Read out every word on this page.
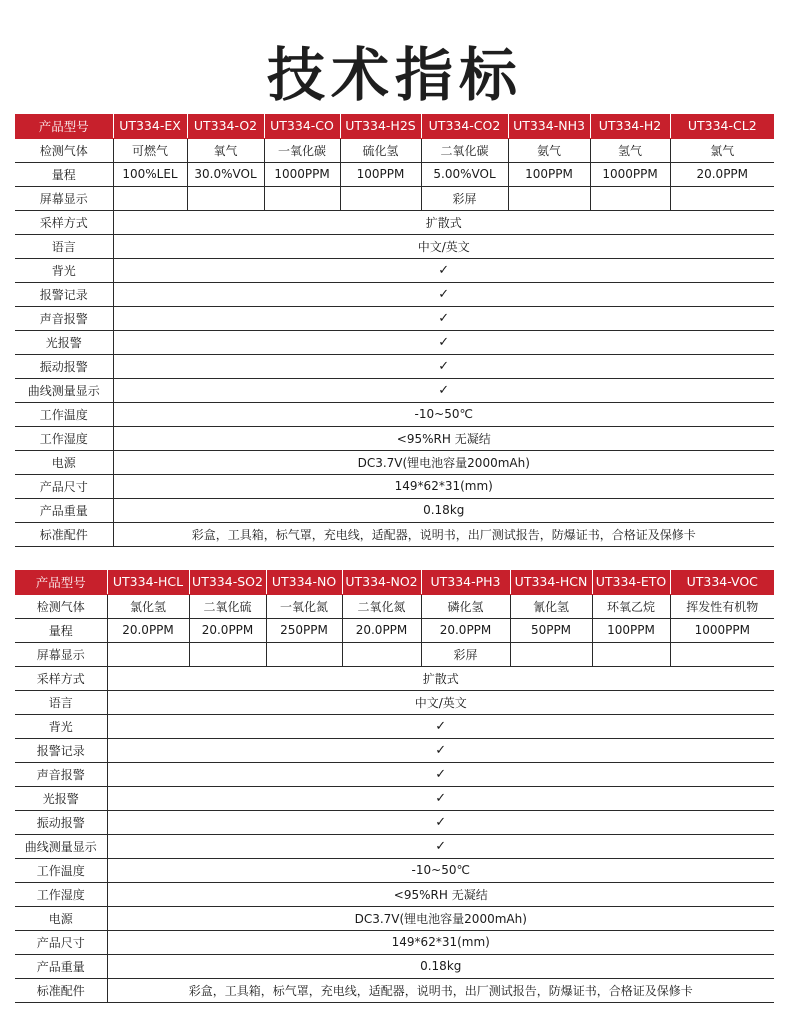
技术指标
产品型号	UT334-EX	UT334-O2	UT334-CO	UT334-H2S	UT334-CO2	UT334-NH3	UT334-H2	UT334-CL2
检测气体	可燃气	氧气	一氧化碳	硫化氢	二氧化碳	氨气	氢气	氯气
量程	100%LEL	30.0%VOL	1000PPM	100PPM	5.00%VOL	100PPM	1000PPM	20.0PPM
屏幕显示					彩屏			
采样方式	扩散式							
语言	中文/英文							
背光	✓							
报警记录	✓							
声音报警	✓							
光报警	✓							
振动报警	✓							
曲线测量显示	✓							
工作温度	-10~50℃							
工作湿度	<95%RH 无凝结							
电源	DC3.7V(锂电池容量2000mAh)							
产品尺寸	149*62*31(mm)							
产品重量	0.18kg							
标准配件	彩盒，工具箱，标气罩，充电线，适配器，说明书，出厂测试报告，防爆证书，合格证及保修卡							
产品型号	UT334-HCL	UT334-SO2	UT334-NO	UT334-NO2	UT334-PH3	UT334-HCN	UT334-ETO	UT334-VOC
检测气体	氯化氢	二氧化硫	一氧化氮	二氧化氮	磷化氢	氰化氢	环氧乙烷	挥发性有机物
量程	20.0PPM	20.0PPM	250PPM	20.0PPM	20.0PPM	50PPM	100PPM	1000PPM
屏幕显示					彩屏			
采样方式	扩散式							
语言	中文/英文							
背光	✓							
报警记录	✓							
声音报警	✓							
光报警	✓							
振动报警	✓							
曲线测量显示	✓							
工作温度	-10~50℃							
工作湿度	<95%RH 无凝结							
电源	DC3.7V(锂电池容量2000mAh)							
产品尺寸	149*62*31(mm)							
产品重量	0.18kg							
标准配件	彩盒，工具箱，标气罩，充电线，适配器，说明书，出厂测试报告，防爆证书，合格证及保修卡							
